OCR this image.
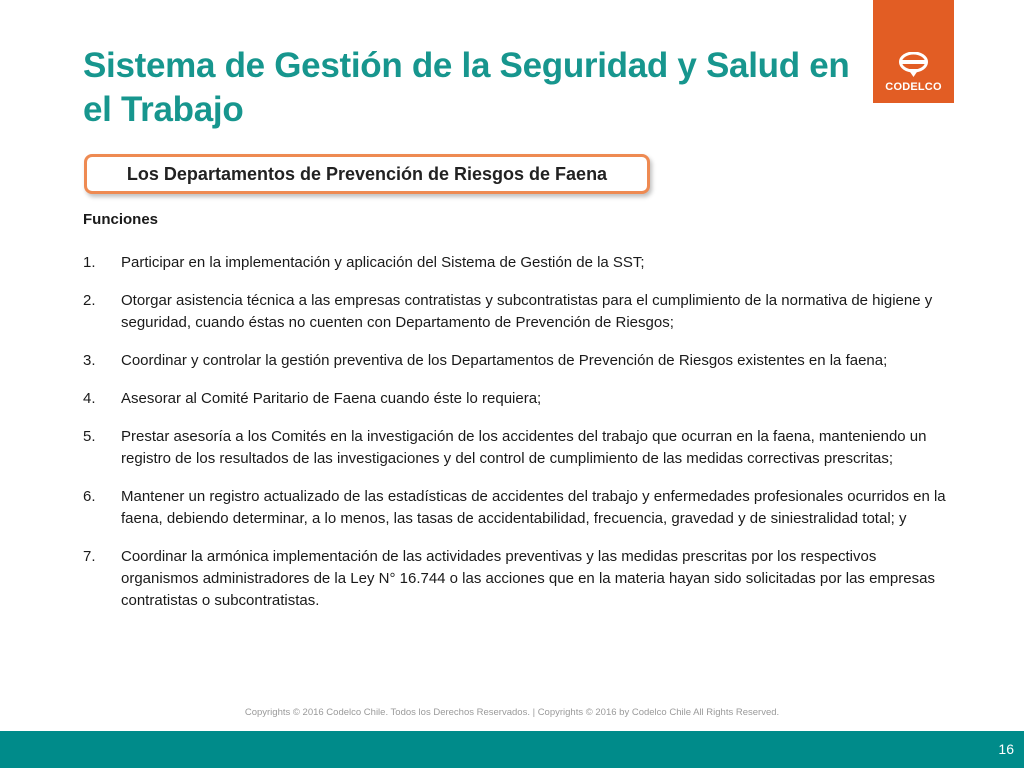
Sistema de Gestión de la Seguridad y Salud en el Trabajo
CODELCO
Los Departamentos de Prevención de Riesgos de Faena
Funciones
1. Participar en la implementación y aplicación del Sistema de Gestión de la SST;
2. Otorgar asistencia técnica a las empresas contratistas y subcontratistas para el cumplimiento de la normativa de higiene y seguridad, cuando éstas no cuenten con Departamento de Prevención de Riesgos;
3. Coordinar y controlar la gestión preventiva de los Departamentos de Prevención de Riesgos existentes en la faena;
4. Asesorar al Comité Paritario de Faena cuando éste lo requiera;
5. Prestar asesoría a los Comités en la investigación de los accidentes del trabajo que ocurran en la faena, manteniendo un registro de los resultados de las investigaciones y del control de cumplimiento de las medidas correctivas prescritas;
6. Mantener un registro actualizado de las estadísticas de accidentes del trabajo y enfermedades profesionales ocurridos en la faena, debiendo determinar, a lo menos, las tasas de accidentabilidad, frecuencia, gravedad y de siniestralidad total; y
7. Coordinar la armónica implementación de las actividades preventivas y las medidas prescritas por los respectivos organismos administradores de la Ley N° 16.744 o las acciones que en la materia hayan sido solicitadas por las empresas contratistas o subcontratistas.
Copyrights © 2016 Codelco Chile. Todos los Derechos Reservados. | Copyrights © 2016 by Codelco Chile All Rights Reserved.
16
